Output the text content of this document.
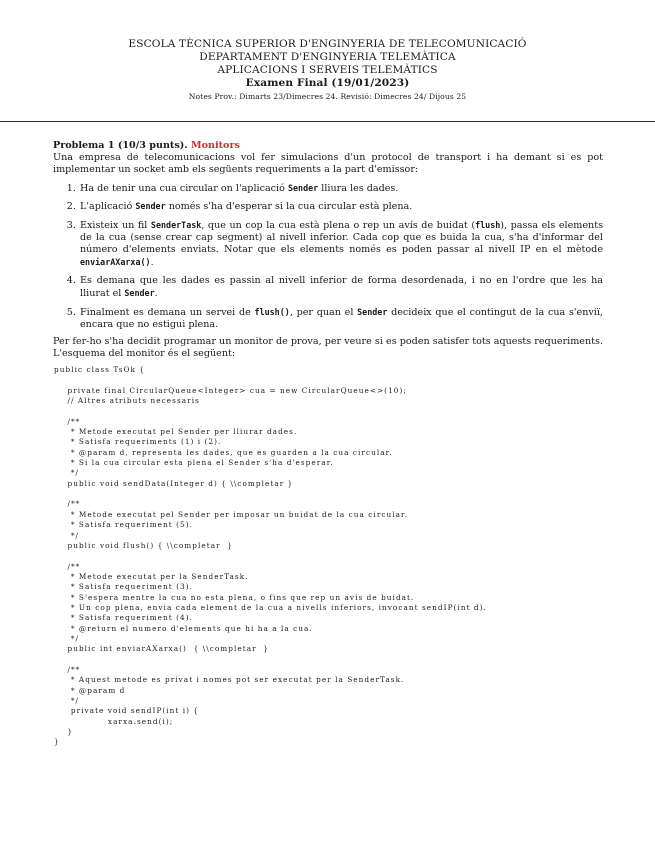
ESCOLA TÈCNICA SUPERIOR D'ENGINYERIA DE TELECOMUNICACIÓ
DEPARTAMENT D'ENGINYERIA TELEMÀTICA
APLICACIONS I SERVEIS TELEMÀTICS
Examen Final (19/01/2023)
Notes Prov.: Dimarts 23/Dimecres 24. Revisió: Dimecres 24/ Dijous 25
Problema 1 (10/3 punts). Monitors
Una empresa de telecomunicacions vol fer simulacions d'un protocol de transport i ha demant si es pot implementar un socket amb els següents requeriments a la part d'emissor:
1. Ha de tenir una cua circular on l'aplicació Sender lliura les dades.
2. L'aplicació Sender només s'ha d'esperar si la cua circular està plena.
3. Existeix un fil SenderTask, que un cop la cua està plena o rep un avís de buidat (flush), passa els elements de la cua (sense crear cap segment) al nivell inferior. Cada cop que es buida la cua, s'ha d'informar del número d'elements enviats. Notar que els elements només es poden passar al nivell IP en el mètode enviarAXarxa().
4. Es demana que les dades es passin al nivell inferior de forma desordenada, i no en l'ordre que les ha lliurat el Sender.
5. Finalment es demana un servei de flush(), per quan el Sender decideix que el contingut de la cua s'enviï, encara que no estigui plena.
Per fer-ho s'ha decidit programar un monitor de prova, per veure si es poden satisfer tots aquests requeriments. L'esquema del monitor és el següent:
public class TsOk {

private final CircularQueue<Integer> cua = new CircularQueue<>(10);
// Altres atributs necessaris

/**
* Metode executat pel Sender per lliurar dades.
* Satisfa requeriments (1) i (2).
* @param d, representa les dades, que es guarden a la cua circular.
* Si la cua circular esta plena el Sender s'ha d'esperar.
*/
public void sendData(Integer d) { \\completar }

/**
* Metode executat pel Sender per imposar un buidat de la cua circular.
* Satisfa requeriment (5).
*/
public void flush() { \\completar  }

/**
* Metode executat per la SenderTask.
* Satisfa requeriment (3).
* S'espera mentre la cua no esta plena, o fins que rep un avis de buidat.
* Un cop plena, envia cada element de la cua a nivells inferiors, invocant sendIP(int d).
* Satisfa requeriment (4).
* @return el numero d'elements que hi ha a la cua.
*/
public int enviarAXarxa()  { \\completar  }

/**
* Aquest metode es privat i nomes pot ser executat per la SenderTask.
* @param d
*/
private void sendIP(int i) {
xarxa.send(i);
}
}
